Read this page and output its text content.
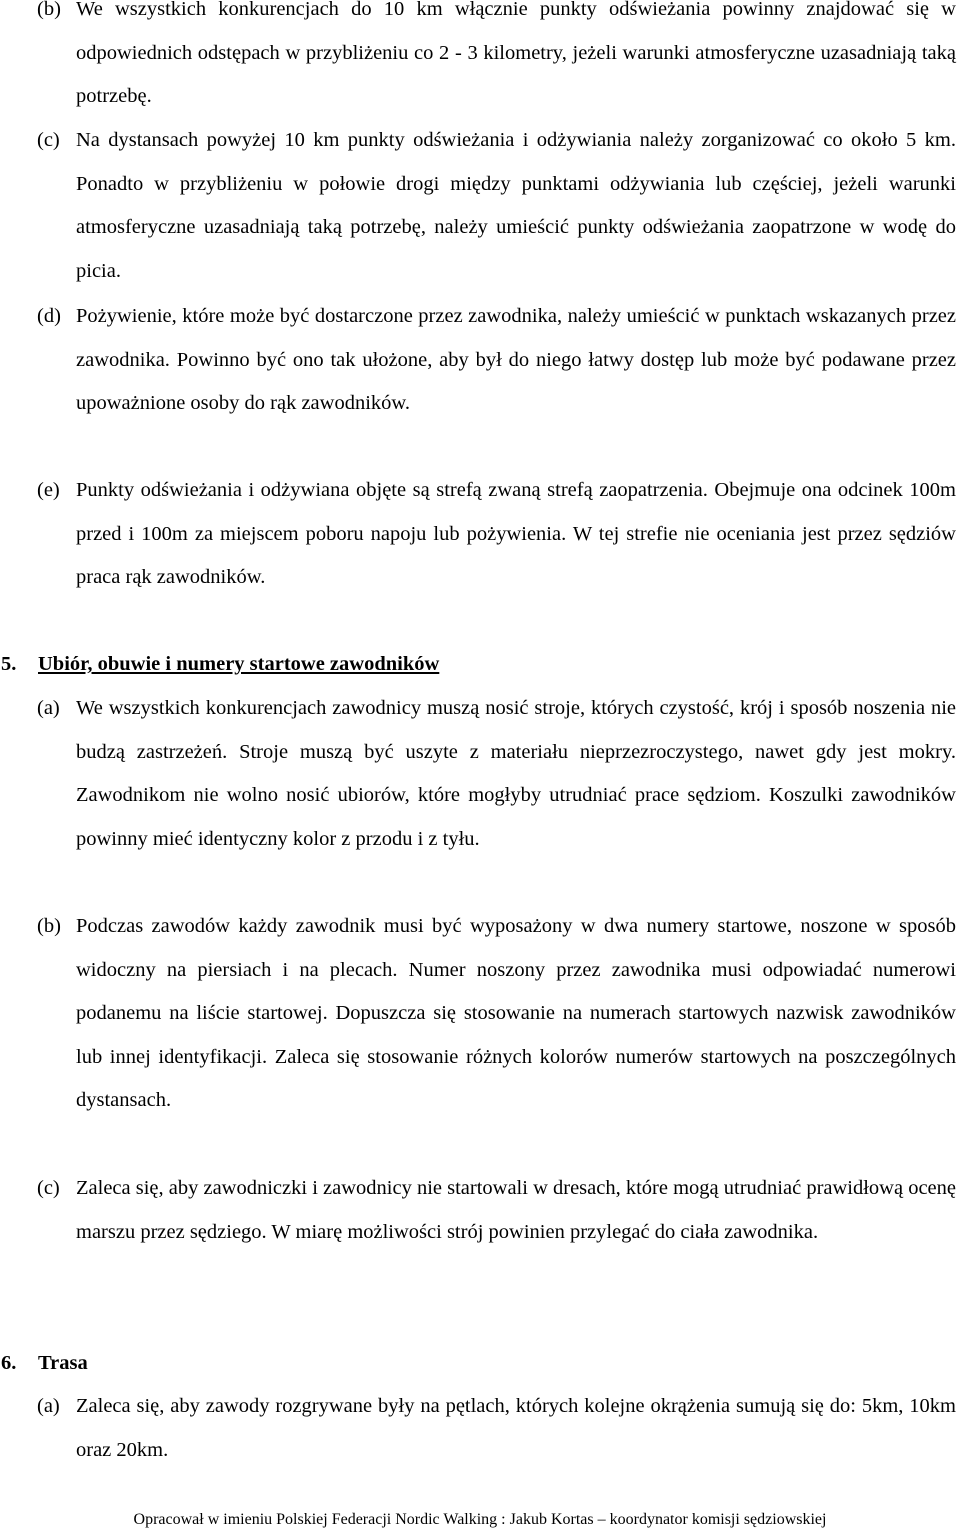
(b) We wszystkich konkurencjach do 10 km włącznie punkty odświeżania powinny znajdować się w odpowiednich odstępach w przybliżeniu co 2 - 3 kilometry, jeżeli warunki atmosferyczne uzasadniają taką potrzebę.
(c) Na dystansach powyżej 10 km punkty odświeżania i odżywiania należy zorganizować co około 5 km. Ponadto w przybliżeniu w połowie drogi między punktami odżywiania lub częściej, jeżeli warunki atmosferyczne uzasadniają taką potrzebę, należy umieścić punkty odświeżania zaopatrzone w wodę do picia.
(d) Pożywienie, które może być dostarczone przez zawodnika, należy umieścić w punktach wskazanych przez zawodnika. Powinno być ono tak ułożone, aby był do niego łatwy dostęp lub może być podawane przez upoważnione osoby do rąk zawodników.
(e) Punkty odświeżania i odżywiana objęte są strefą zwaną strefą zaopatrzenia. Obejmuje ona odcinek 100m przed i 100m za miejscem poboru napoju lub pożywienia. W tej strefie nie oceniania jest przez sędziów praca rąk zawodników.
5. Ubiór, obuwie i numery startowe zawodników
(a) We wszystkich konkurencjach zawodnicy muszą nosić stroje, których czystość, krój i sposób noszenia nie budzą zastrzeżeń. Stroje muszą być uszyte z materiału nieprzezroczystego, nawet gdy jest mokry. Zawodnikom nie wolno nosić ubiorów, które mogłyby utrudniać prace sędziom. Koszulki zawodników powinny mieć identyczny kolor z przodu i z tyłu.
(b) Podczas zawodów każdy zawodnik musi być wyposażony w dwa numery startowe, noszone w sposób widoczny na piersiach i na plecach. Numer noszony przez zawodnika musi odpowiadać numerowi podanemu na liście startowej. Dopuszcza się stosowanie na numerach startowych nazwisk zawodników lub innej identyfikacji. Zaleca się stosowanie różnych kolorów numerów startowych na poszczególnych dystansach.
(c) Zaleca się, aby zawodniczki i zawodnicy nie startowali w dresach, które mogą utrudniać prawidłową ocenę marszu przez sędziego. W miarę możliwości strój powinien przylegać do ciała zawodnika.
6. Trasa
(a) Zaleca się, aby zawody rozgrywane były na pętlach, których kolejne okrążenia sumują się do: 5km, 10km oraz 20km.
Opracował w imieniu Polskiej Federacji Nordic Walking : Jakub Kortas – koordynator komisji sędziowskiej
